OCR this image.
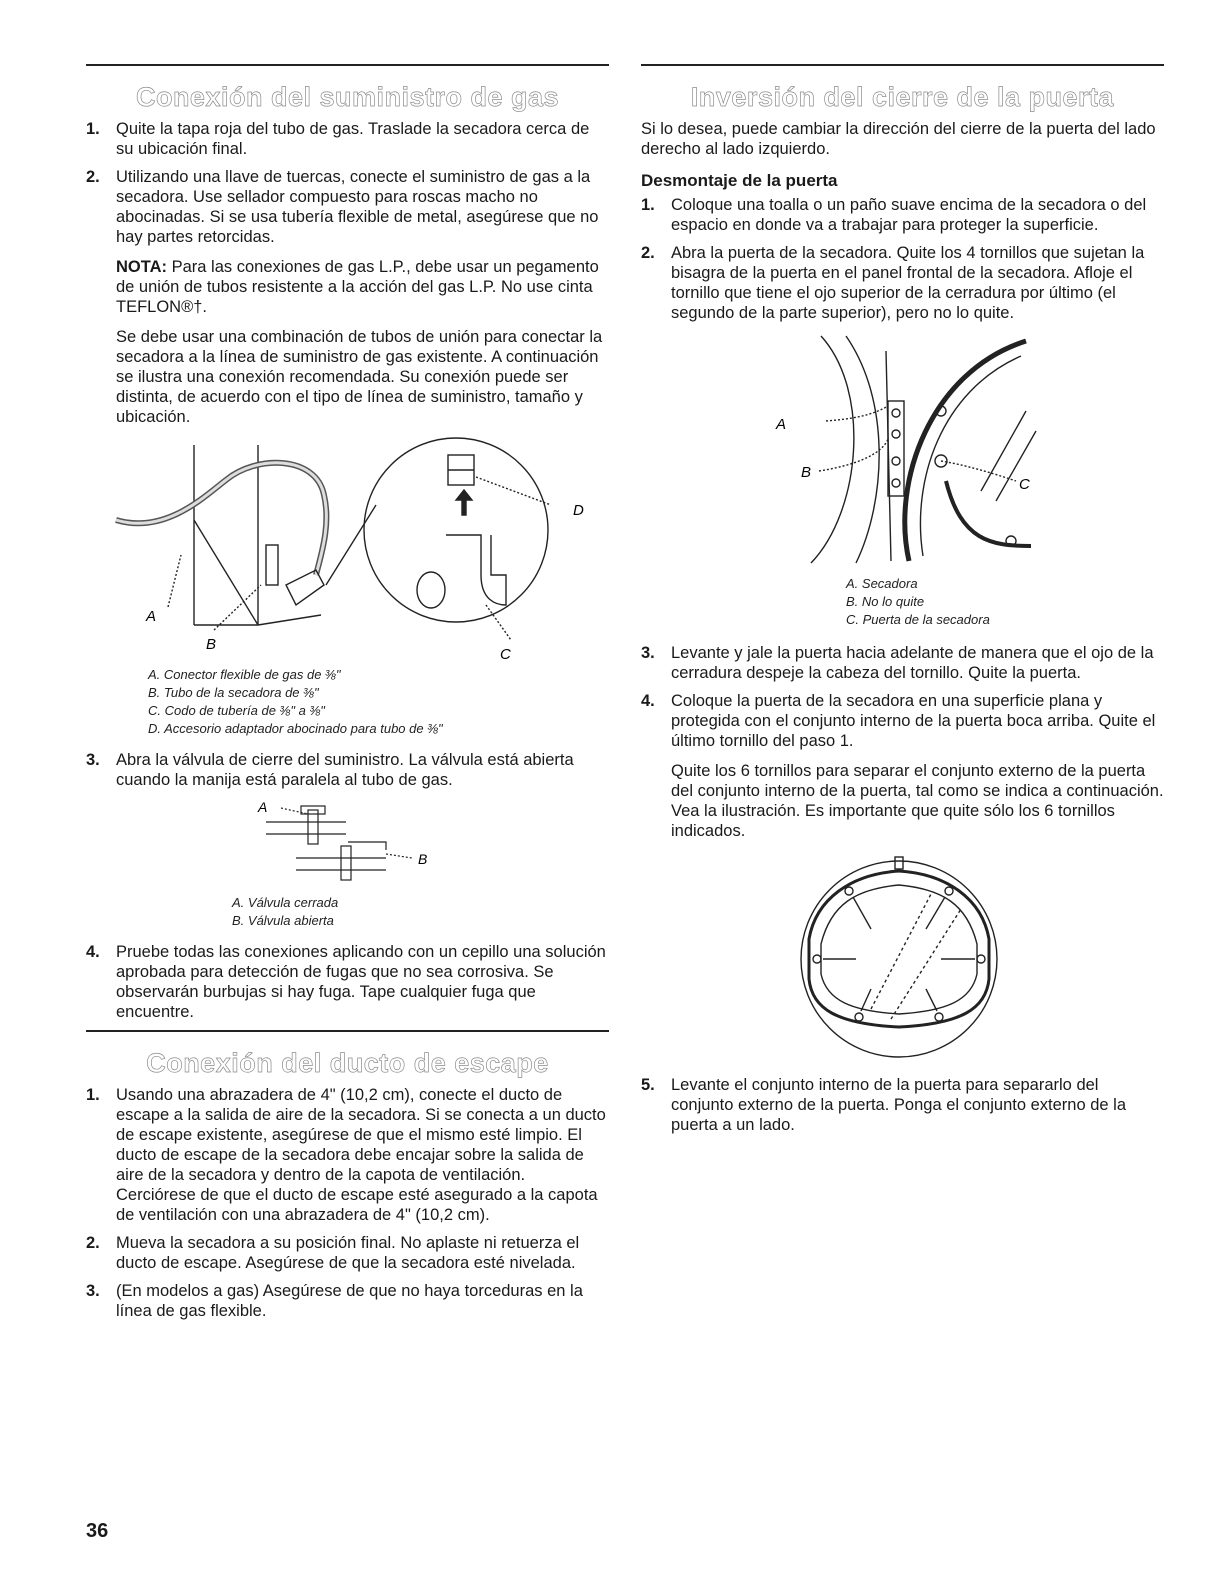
Conexión del suministro de gas
1. Quite la tapa roja del tubo de gas. Traslade la secadora cerca de su ubicación final.

2. Utilizando una llave de tuercas, conecte el suministro de gas a la secadora. Use sellador compuesto para roscas macho no abocinadas. Si se usa tubería flexible de metal, asegúrese que no hay partes retorcidas.

NOTA: Para las conexiones de gas L.P., debe usar un pegamento de unión de tubos resistente a la acción del gas L.P. No use cinta TEFLON®†.

Se debe usar una combinación de tubos de unión para conectar la secadora a la línea de suministro de gas existente. A continuación se ilustra una conexión recomendada. Su conexión puede ser distinta, de acuerdo con el tipo de línea de suministro, tamaño y ubicación.

A
B
C
D
A. Conector flexible de gas de ⅜"
B. Tubo de la secadora de ⅜"
C. Codo de tubería de ⅜" a ⅜"
D. Accesorio adaptador abocinado para tubo de ⅜"
3. Abra la válvula de cierre del suministro. La válvula está abierta cuando la manija está paralela al tubo de gas.

A
B
A. Válvula cerrada
B. Válvula abierta
4. Pruebe todas las conexiones aplicando con un cepillo una solución aprobada para detección de fugas que no sea corrosiva. Se observarán burbujas si hay fuga. Tape cualquier fuga que encuentre.

Conexión del ducto de escape
1. Usando una abrazadera de 4" (10,2 cm), conecte el ducto de escape a la salida de aire de la secadora. Si se conecta a un ducto de escape existente, asegúrese de que el mismo esté limpio. El ducto de escape de la secadora debe encajar sobre la salida de aire de la secadora y dentro de la capota de ventilación. Cerciórese de que el ducto de escape esté asegurado a la capota de ventilación con una abrazadera de 4" (10,2 cm).

2. Mueva la secadora a su posición final. No aplaste ni retuerza el ducto de escape. Asegúrese de que la secadora esté nivelada.

3. (En modelos a gas) Asegúrese de que no haya torceduras en la línea de gas flexible.

Inversión del cierre de la puerta

Si lo desea, puede cambiar la dirección del cierre de la puerta del lado derecho al lado izquierdo.

Desmontaje de la puerta
1. Coloque una toalla o un paño suave encima de la secadora o del espacio en donde va a trabajar para proteger la superficie.

2. Abra la puerta de la secadora. Quite los 4 tornillos que sujetan la bisagra de la puerta en el panel frontal de la secadora. Afloje el tornillo que tiene el ojo superior de la cerradura por último (el segundo de la parte superior), pero no lo quite.

A
B
C
A. Secadora
B. No lo quite
C. Puerta de la secadora
3. Levante y jale la puerta hacia adelante de manera que el ojo de la cerradura despeje la cabeza del tornillo. Quite la puerta.

4. Coloque la puerta de la secadora en una superficie plana y protegida con el conjunto interno de la puerta boca arriba. Quite el último tornillo del paso 1.

Quite los 6 tornillos para separar el conjunto externo de la puerta del conjunto interno de la puerta, tal como se indica a continuación. Vea la ilustración. Es importante que quite sólo los 6 tornillos indicados.

5. Levante el conjunto interno de la puerta para separarlo del conjunto externo de la puerta. Ponga el conjunto externo de la puerta a un lado.

36
